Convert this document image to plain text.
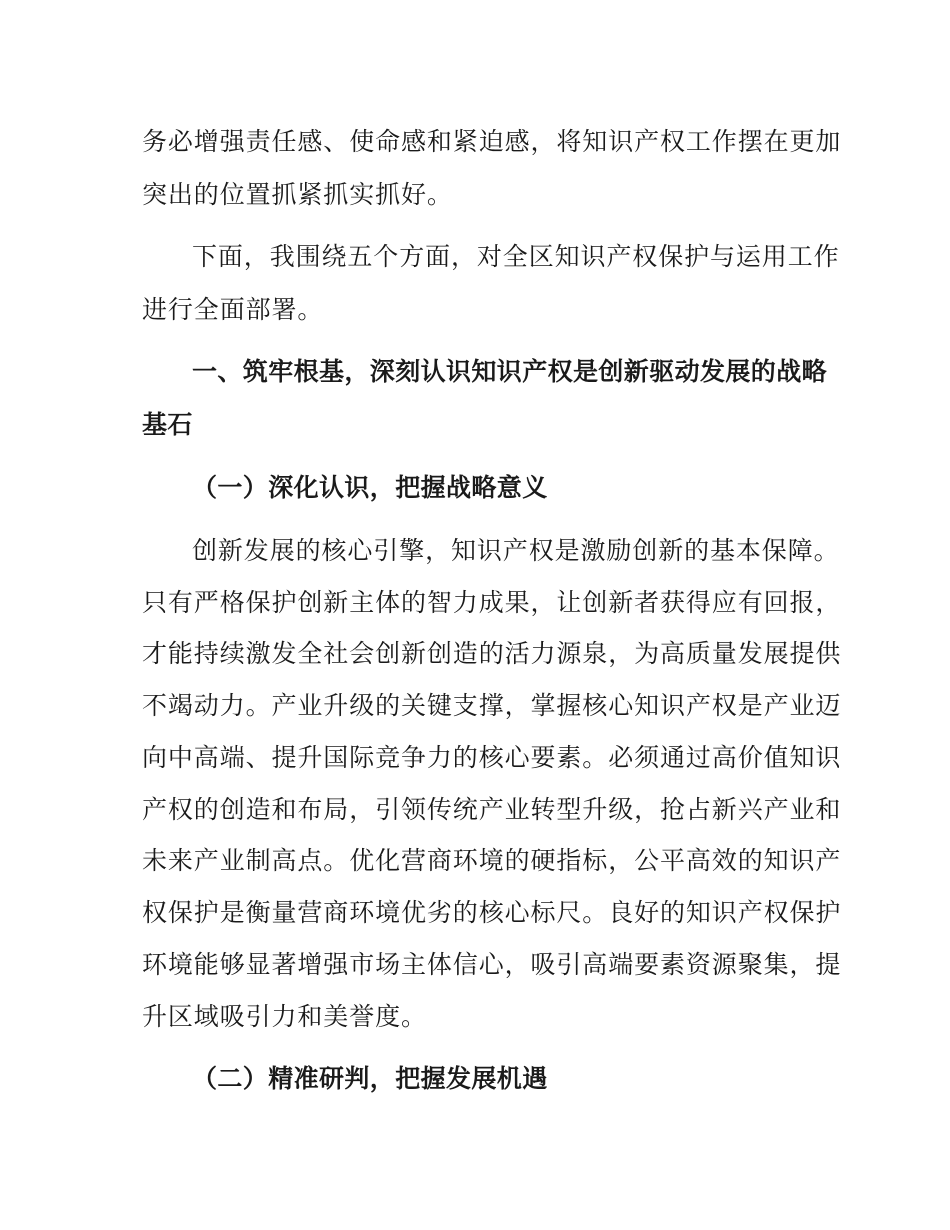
务必增强责任感、使命感和紧迫感，将知识产权工作摆在更加
突出的位置抓紧抓实抓好。
下面，我围绕五个方面，对全区知识产权保护与运用工作
进行全面部署。
一、筑牢根基，深刻认识知识产权是创新驱动发展的战略
基石
（一）深化认识，把握战略意义
创新发展的核心引擎，知识产权是激励创新的基本保障。
只有严格保护创新主体的智力成果，让创新者获得应有回报，
才能持续激发全社会创新创造的活力源泉，为高质量发展提供
不竭动力。产业升级的关键支撑，掌握核心知识产权是产业迈
向中高端、提升国际竞争力的核心要素。必须通过高价值知识
产权的创造和布局，引领传统产业转型升级，抢占新兴产业和
未来产业制高点。优化营商环境的硬指标，公平高效的知识产
权保护是衡量营商环境优劣的核心标尺。良好的知识产权保护
环境能够显著增强市场主体信心，吸引高端要素资源聚集，提
升区域吸引力和美誉度。
（二）精准研判，把握发展机遇
